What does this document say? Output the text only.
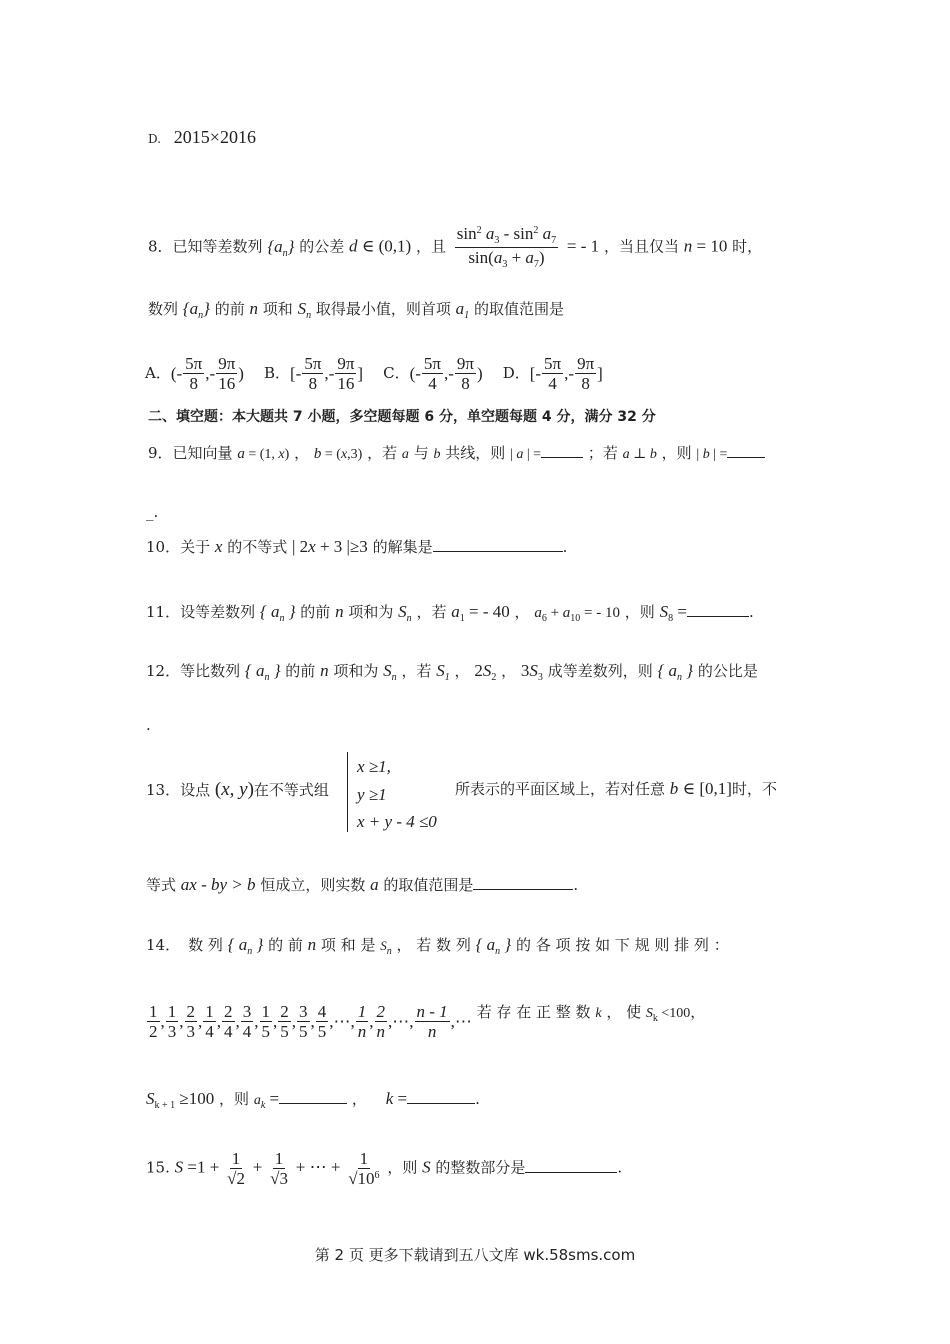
D. 2015×2016
8．已知等差数列 $\{a_n\}$ 的公差 d ∈ (0,1) ，且 $\frac{\sin^2 a_3 - \sin^2 a_7}{\sin(a_3 + a_7)}$ = - 1 ，当且仅当 n = 10 时，
数列 $\{a_n\}$ 的前 n 项和 $S_n$ 取得最小值，则首项 $a_1$ 的取值范围是
A． (-
5π
8
,-
9π
16
) B． [-
5π
8
,-
9π
16
] C． (-
5π
4
,-
9π
8
) D． [-
5π
4
,-
9π
8
]
二、填空题：本大题共 7 小题，多空题每题 6 分，单空题每题 4 分，满分 32 分
9．已知向量 a = (1, x) ， b = (x,3) ，若 a 与 b 共线，则 | a | =	；若 a ⊥ b ，则 | b | =
_.
10．关于 x 的不等式 | 2x + 3 |≥3 的解集是	.
11．设等差数列 { $a_n$ } 的前 n 项和为 $S_n$ ，若 $a_1$ = - 40 ， $a_6 + a_{10}$ = - 10 ，则 $S_8$ =	.
12．等比数列 { $a_n$ } 的前 n 项和为 $S_n$ ，若 $S_1$ ， $2S_2$ ， $3S_3$ 成等差数列，则 { $a_n$ } 的公比是
.
13．设点 (x, y)在不等式组
x ≥1,
y ≥1
x + y - 4 ≤0
所表示的平面区域上，若对任意 b ∈ [0,1]时，不
等式 ax - by > b 恒成立，则实数 a 的取值范围是	.
14． 数 列 { $a_n$ } 的 前 n 项 和 是 $S_n$ ， 若 数 列 { $a_n$ } 的 各 项 按 如 下 规 则 排 列 ：
1
2
,
1
3
,
2
3
,
1
4
,
2
4
,
3
4
,
1
5
,
2
5
,
3
5
,
4
5
, ⋯,
1
n
,
2
n
,⋯,
n - 1
n
, ⋯ 若 存 在 正 整 数 k ， 使 $S_k <100$，
$S_{k + 1} \ge 100$ ，则 $a_k$ =	， k =	.
15. $S =1 + \frac{1}{√2} + \frac{1}{√3}$ + ⋯ + $\frac{1}{√10^6}$ ，则 S 的整数部分是	.
第 2 页 更多下载请到五八文库 wk.58sms.com
